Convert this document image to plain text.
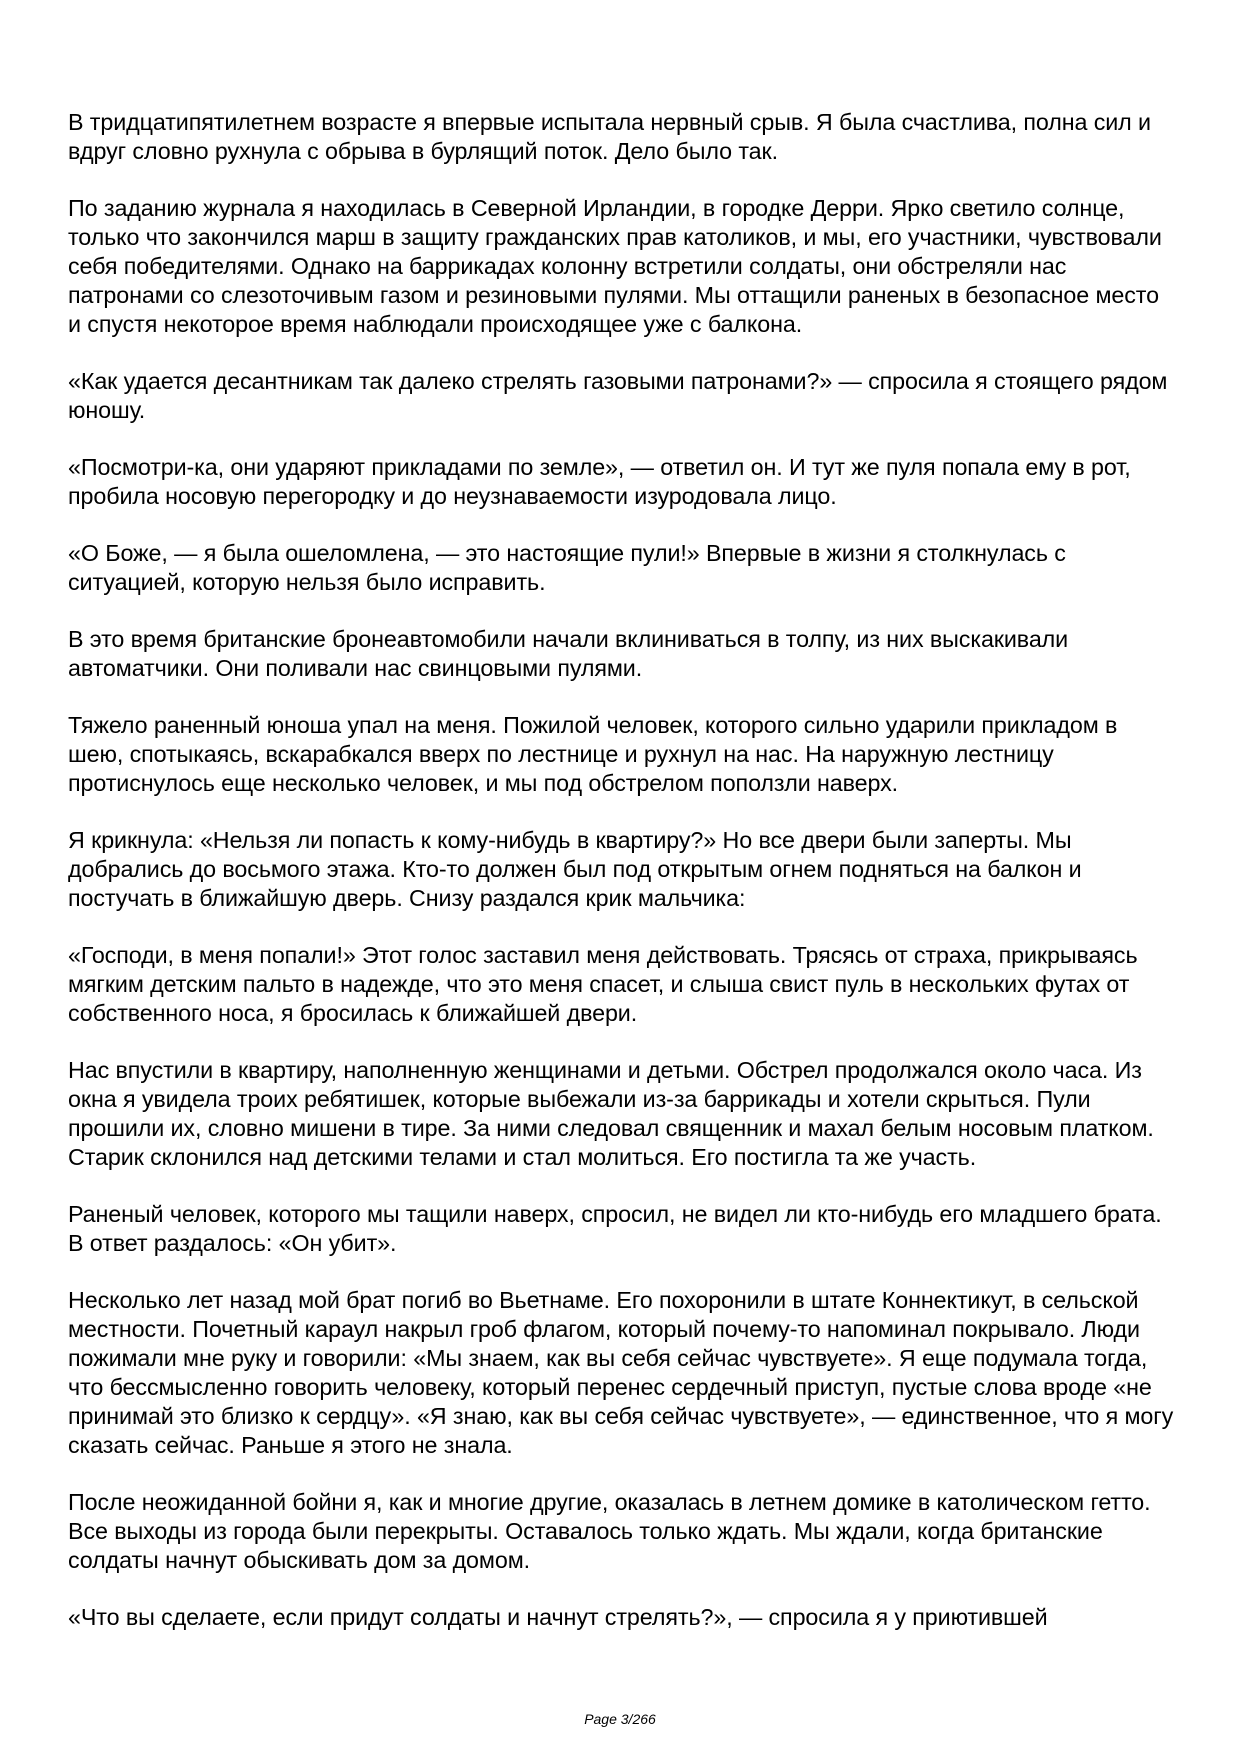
В тридцатипятилетнем возрасте я впервые испытала нервный срыв. Я была счастлива, полна сил и вдруг словно рухнула с обрыва в бурлящий поток. Дело было так.

По заданию журнала я находилась в Северной Ирландии, в городке Дерри. Ярко светило солнце, только что закончился марш в защиту гражданских прав католиков, и мы, его участники, чувствовали себя победителями. Однако на баррикадах колонну встретили солдаты, они обстреляли нас патронами со слезоточивым газом и резиновыми пулями. Мы оттащили раненых в безопасное место и спустя некоторое время наблюдали происходящее уже с балкона.

«Как удается десантникам так далеко стрелять газовыми патронами?» — спросила я стоящего рядом юношу.

«Посмотри-ка, они ударяют прикладами по земле», — ответил он. И тут же пуля попала ему в рот, пробила носовую перегородку и до неузнаваемости изуродовала лицо.

«О Боже, — я была ошеломлена, — это настоящие пули!» Впервые в жизни я столкнулась с ситуацией, которую нельзя было исправить.

В это время британские бронеавтомобили начали вклиниваться в толпу, из них выскакивали автоматчики. Они поливали нас свинцовыми пулями.

Тяжело раненный юноша упал на меня. Пожилой человек, которого сильно ударили прикладом в шею, спотыкаясь, вскарабкался вверх по лестнице и рухнул на нас. На наружную лестницу протиснулось еще несколько человек, и мы под обстрелом поползли наверх.

Я крикнула: «Нельзя ли попасть к кому-нибудь в квартиру?» Но все двери были заперты. Мы добрались до восьмого этажа. Кто-то должен был под открытым огнем подняться на балкон и постучать в ближайшую дверь. Снизу раздался крик мальчика:

«Господи, в меня попали!» Этот голос заставил меня действовать. Трясясь от страха, прикрываясь мягким детским пальто в надежде, что это меня спасет, и слыша свист пуль в нескольких футах от собственного носа, я бросилась к ближайшей двери.

Нас впустили в квартиру, наполненную женщинами и детьми. Обстрел продолжался около часа. Из окна я увидела троих ребятишек, которые выбежали из-за баррикады и хотели скрыться. Пули прошили их, словно мишени в тире. За ними следовал священник и махал белым носовым платком. Старик склонился над детскими телами и стал молиться. Его постигла та же участь.

Раненый человек, которого мы тащили наверх, спросил, не видел ли кто-нибудь его младшего брата. В ответ раздалось: «Он убит».

Несколько лет назад мой брат погиб во Вьетнаме. Его похоронили в штате Коннектикут, в сельской местности. Почетный караул накрыл гроб флагом, который почему-то напоминал покрывало. Люди пожимали мне руку и говорили: «Мы знаем, как вы себя сейчас чувствуете». Я еще подумала тогда, что бессмысленно говорить человеку, который перенес сердечный приступ, пустые слова вроде «не принимай это близко к сердцу». «Я знаю, как вы себя сейчас чувствуете», — единственное, что я могу сказать сейчас. Раньше я этого не знала.

После неожиданной бойни я, как и многие другие, оказалась в летнем домике в католическом гетто. Все выходы из города были перекрыты. Оставалось только ждать. Мы ждали, когда британские солдаты начнут обыскивать дом за домом.

«Что вы сделаете, если придут солдаты и начнут стрелять?», — спросила я у приютившей

Page 3/266
